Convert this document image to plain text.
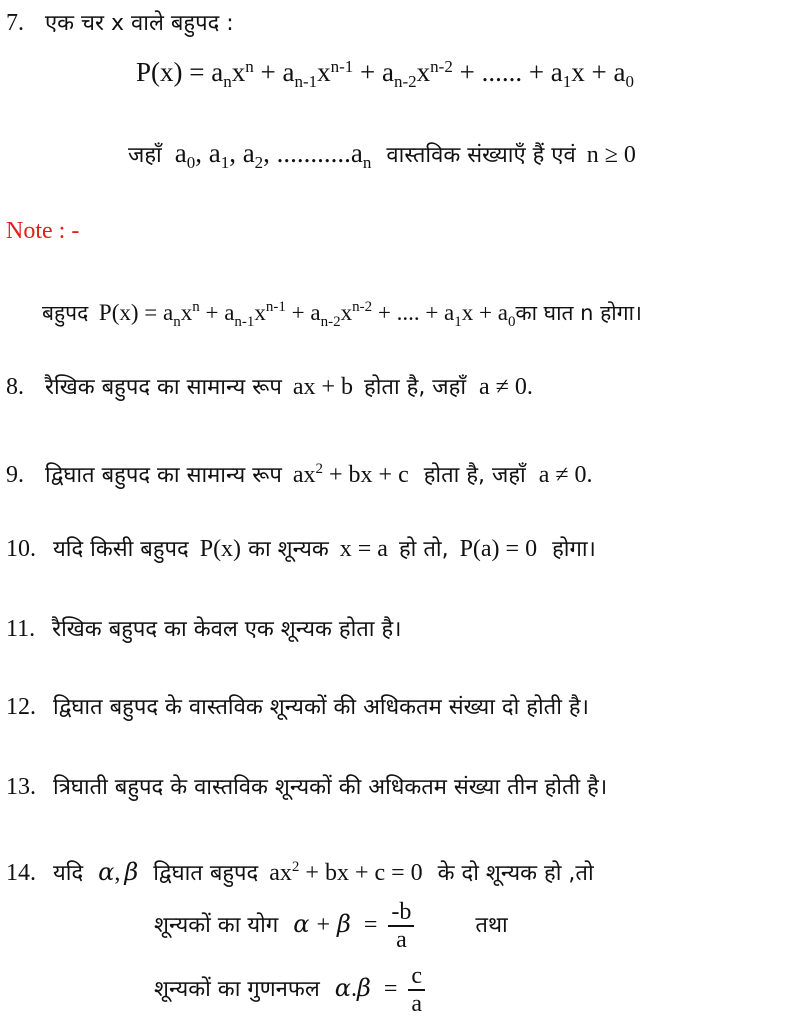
7. एक चर x वाले बहुपद :
$P(x) = a_nx^n + a_{n-1}x^{n-1} + a_{n-2}x^{n-2}$ + ...... + $a_1x + a_0$
जहाँ $a_0$, $a_1$, $a_2$, $...........a_n$ वास्तविक संख्याएँ हैं एवं n ≥ 0
Note : -
बहुपद $P(x) = a_nx^n + a_{n-1}x^{n-1} + a_{n-2}x^{n-2}$ + .... + $a_1x$ + $a_0का$ घात n होगा।
8. रैखिक बहुपद का सामान्य रूप ax + b होता है, जहाँ a ≠ 0.
9. द्विघात बहुपद का सामान्य रूप $ax^2$ + bx + c होता है, जहाँ a ≠ 0.
10. यदि किसी बहुपद P(x) का शून्यक x = a हो तो, P(a) = 0 होगा।
11. रैखिक बहुपद का केवल एक शून्यक होता है।
12. द्विघात बहुपद के वास्तविक शून्यकों की अधिकतम संख्या दो होती है।
13. त्रिघाती बहुपद के वास्तविक शून्यकों की अधिकतम संख्या तीन होती है।
14. यदि α, β द्विघात बहुपद $ax^2$ + bx + c = 0 के दो शून्यक हो ,तो
शून्यकों का योग $\alpha + \beta = \frac{-b}{a}$	तथा
शून्यकों का गुणनफल $\alpha.\beta = \frac{c}{a}$
